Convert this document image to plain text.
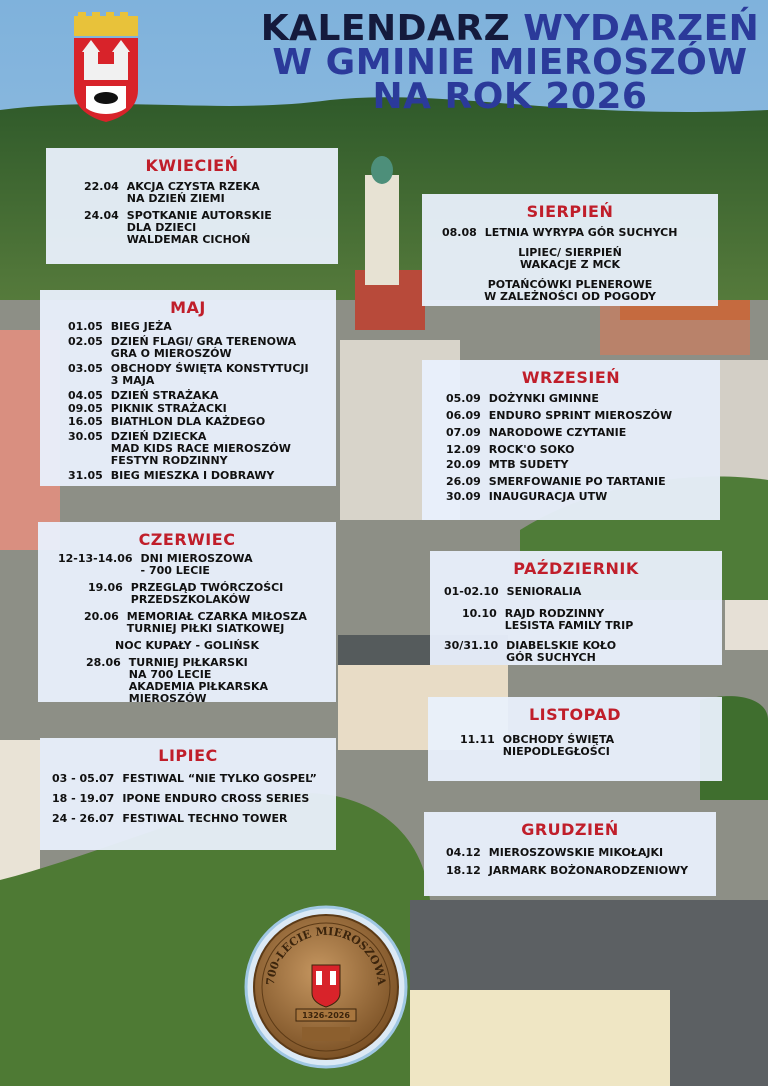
KALENDARZ WYDARZEŃ
W GMINIE MIEROSZÓW
NA ROK 2026
KWIECIEŃ
22.04 AKCJA CZYSTA RZEKA
NA DZIEŃ ZIEMI
24.04 SPOTKANIE AUTORSKIE
DLA DZIECI
WALDEMAR CICHOŃ
MAJ
01.05 BIEG JEŻA
02.05 DZIEŃ FLAGI/ GRA TERENOWA
GRA O MIEROSZÓW
03.05 OBCHODY ŚWIĘTA KONSTYTUCJI
3 MAJA
04.05 DZIEŃ STRAŻAKA
09.05 PIKNIK STRAŻACKI
16.05 BIATHLON DLA KAŻDEGO
30.05 DZIEŃ DZIECKA
MAD KIDS RACE MIEROSZÓW
FESTYN RODZINNY
31.05 BIEG MIESZKA I DOBRAWY
CZERWIEC
12-13-14.06 DNI MIEROSZOWA
- 700 LECIE
19.06 PRZEGLĄD TWÓRCZOŚCI
PRZEDSZKOLAKÓW
20.06 MEMORIAŁ CZARKA MIŁOSZA
TURNIEJ PIŁKI SIATKOWEJ
NOC KUPAŁY - GOLIŃSK
28.06 TURNIEJ PIŁKARSKI
NA 700 LECIE
AKADEMIA PIŁKARSKA
MIEROSZÓW
LIPIEC
03 - 05.07 FESTIWAL “NIE TYLKO GOSPEL”
18 - 19.07 IPONE ENDURO CROSS SERIES
24 - 26.07 FESTIWAL TECHNO TOWER
SIERPIEŃ
08.08 LETNIA WYRYPA GÓR SUCHYCH
LIPIEC/ SIERPIEŃ
WAKACJE Z MCK
POTAŃCÓWKI PLENEROWE
W ZALEŻNOŚCI OD POGODY
WRZESIEŃ
05.09 DOŻYNKI GMINNE
06.09 ENDURO SPRINT MIEROSZÓW
07.09 NARODOWE CZYTANIE
12.09 ROCK'O SOKO
20.09 MTB SUDETY
26.09 SMERFOWANIE PO TARTANIE
30.09 INAUGURACJA UTW
PAŹDZIERNIK
01-02.10 SENIORALIA
10.10 RAJD RODZINNY
LESISTA FAMILY TRIP
30/31.10 DIABELSKIE KOŁO
GÓR SUCHYCH
LISTOPAD
11.11 OBCHODY ŚWIĘTA
NIEPODLEGŁOŚCI
GRUDZIEŃ
04.12 MIEROSZOWSKIE MIKOŁAJKI
18.12 JARMARK BOŻONARODZENIOWY
700-LECIE MIEROSZOWA
1326-2026
